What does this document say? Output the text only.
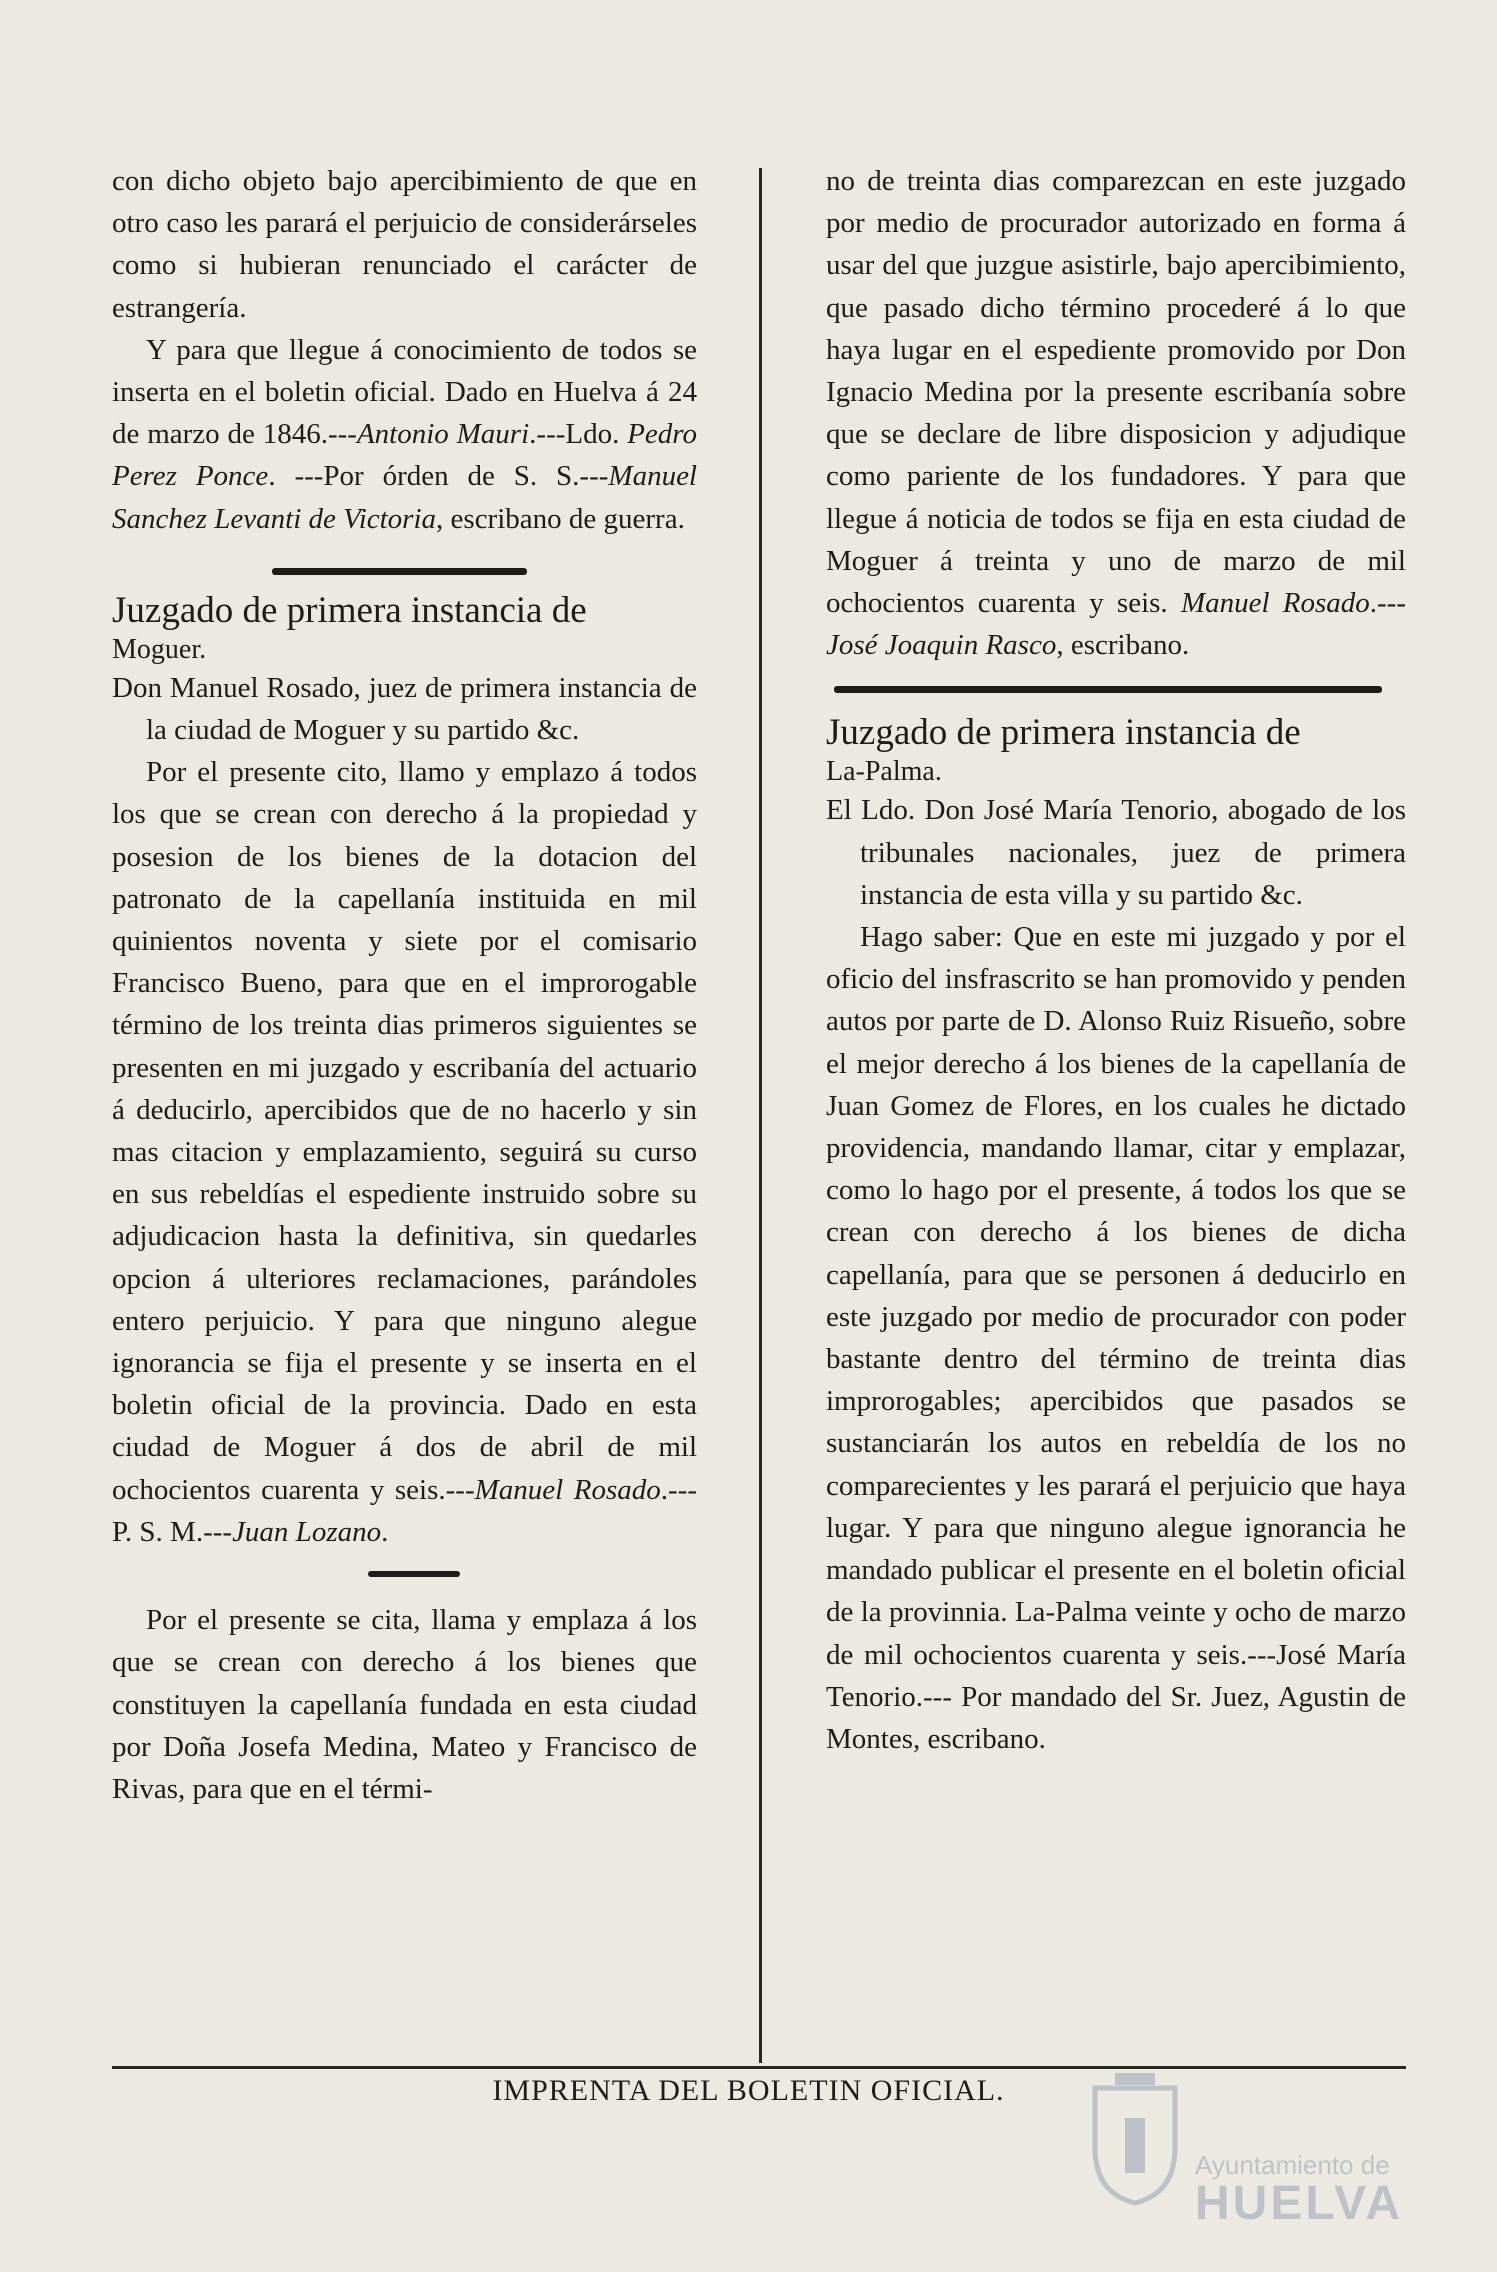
con dicho objeto bajo apercibimiento de que en otro caso les parará el perjuicio de considerárseles como si hubieran renunciado el carácter de estrangería.

Y para que llegue á conocimiento de todos se inserta en el boletin oficial. Dado en Huelva á 24 de marzo de 1846.---Antonio Mauri.---Ldo. Pedro Perez Ponce. ---Por órden de S. S.---Manuel Sanchez Levanti de Victoria, escribano de guerra.

Juzgado de primera instancia de

Moguer.

Don Manuel Rosado, juez de primera instancia de la ciudad de Moguer y su partido &c.

Por el presente cito, llamo y emplazo á todos los que se crean con derecho á la propiedad y posesion de los bienes de la dotacion del patronato de la capellanía instituida en mil quinientos noventa y siete por el comisario Francisco Bueno, para que en el improrogable término de los treinta dias primeros siguientes se presenten en mi juzgado y escribanía del actuario á deducirlo, apercibidos que de no hacerlo y sin mas citacion y emplazamiento, seguirá su curso en sus rebeldías el espediente instruido sobre su adjudicacion hasta la definitiva, sin quedarles opcion á ulteriores reclamaciones, parándoles entero perjuicio. Y para que ninguno alegue ignorancia se fija el presente y se inserta en el boletin oficial de la provincia. Dado en esta ciudad de Moguer á dos de abril de mil ochocientos cuarenta y seis.---Manuel Rosado.---P. S. M.---Juan Lozano.

Por el presente se cita, llama y emplaza á los que se crean con derecho á los bienes que constituyen la capellanía fundada en esta ciudad por Doña Josefa Medina, Mateo y Francisco de Rivas, para que en el térmi-

no de treinta dias comparezcan en este juzgado por medio de procurador autorizado en forma á usar del que juzgue asistirle, bajo apercibimiento, que pasado dicho término procederé á lo que haya lugar en el espediente promovido por Don Ignacio Medina por la presente escribanía sobre que se declare de libre disposicion y adjudique como pariente de los fundadores. Y para que llegue á noticia de todos se fija en esta ciudad de Moguer á treinta y uno de marzo de mil ochocientos cuarenta y seis. Manuel Rosado.---José Joaquin Rasco, escribano.

Juzgado de primera instancia de

La-Palma.

El Ldo. Don José María Tenorio, abogado de los tribunales nacionales, juez de primera instancia de esta villa y su partido &c.

Hago saber: Que en este mi juzgado y por el oficio del insfrascrito se han promovido y penden autos por parte de D. Alonso Ruiz Risueño, sobre el mejor derecho á los bienes de la capellanía de Juan Gomez de Flores, en los cuales he dictado providencia, mandando llamar, citar y emplazar, como lo hago por el presente, á todos los que se crean con derecho á los bienes de dicha capellanía, para que se personen á deducirlo en este juzgado por medio de procurador con poder bastante dentro del término de treinta dias improrogables; apercibidos que pasados se sustanciarán los autos en rebeldía de los no comparecientes y les parará el perjuicio que haya lugar. Y para que ninguno alegue ignorancia he mandado publicar el presente en el boletin oficial de la provinnia. La-Palma veinte y ocho de marzo de mil ochocientos cuarenta y seis.---José María Tenorio.--- Por mandado del Sr. Juez, Agustin de Montes, escribano.

IMPRENTA DEL BOLETIN OFICIAL.
Ayuntamiento de
HUELVA
